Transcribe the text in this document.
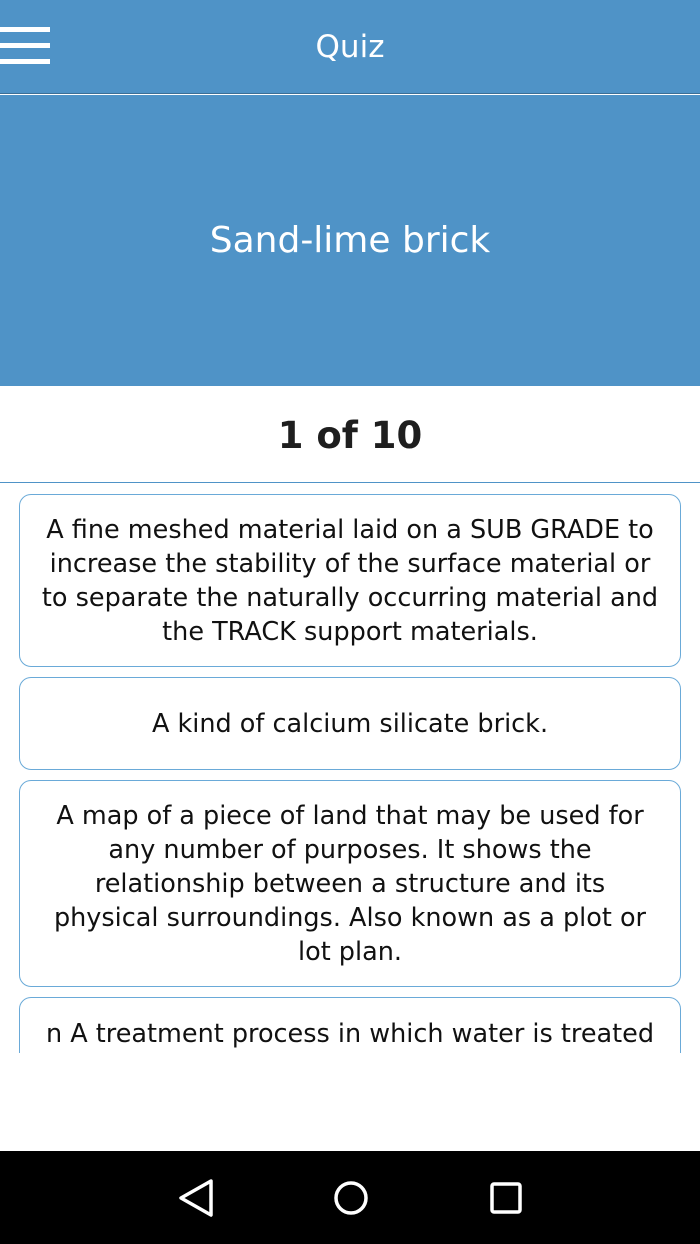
Quiz
Sand-lime brick
1 of 10
A fine meshed material laid on a SUB GRADE to increase the stability of the surface material or to separate the naturally occurring material and the TRACK support materials.
A kind of calcium silicate brick.
A map of a piece of land that may be used for any number of purposes. It shows the relationship between a structure and its physical surroundings. Also known as a plot or lot plan.
n A treatment process in which water is treated
